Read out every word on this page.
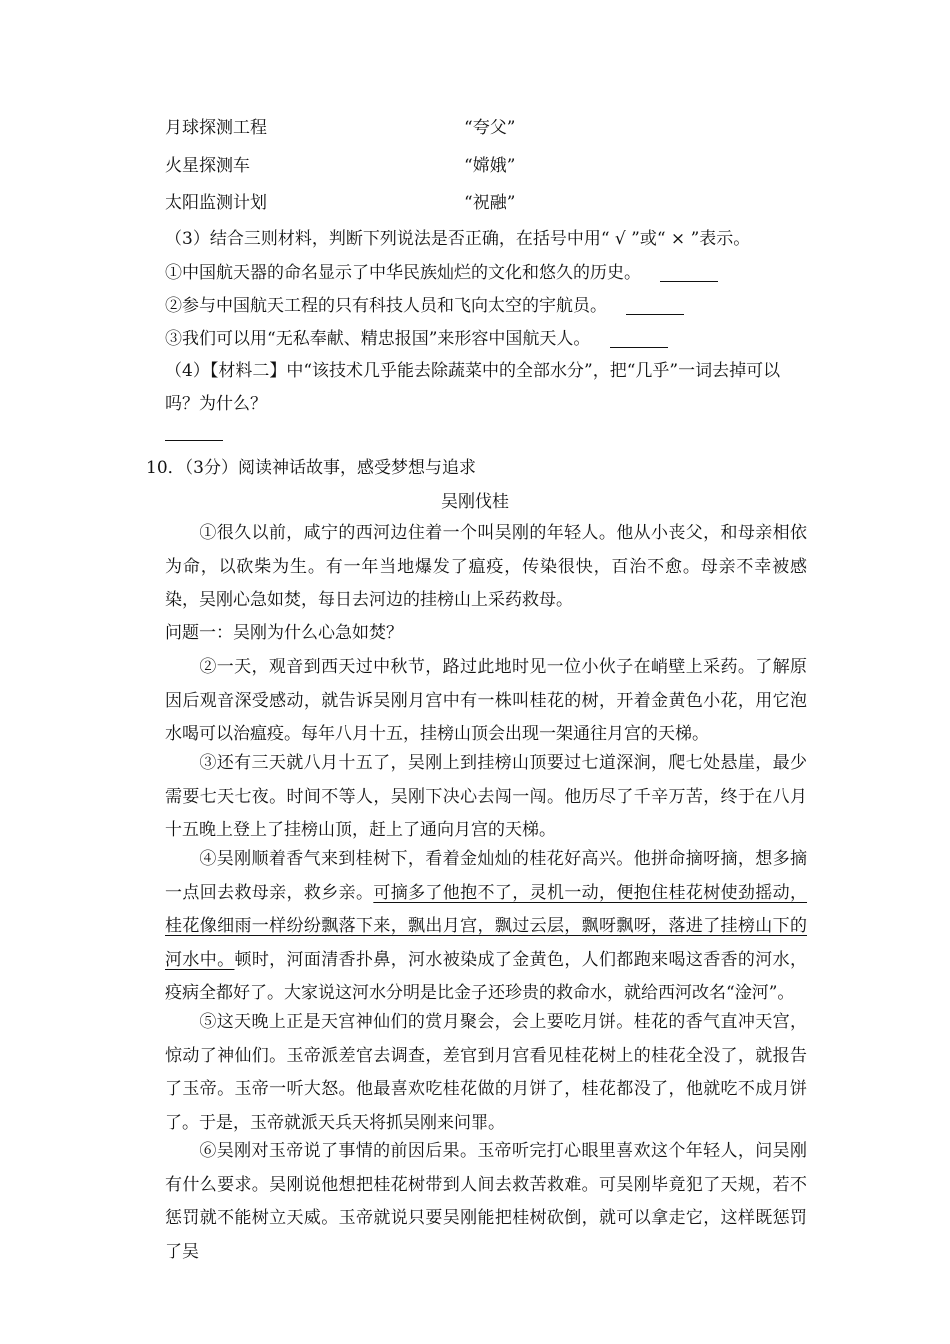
月球探测工程	“夸父”
火星探测车	“嫦娥”
太阳监测计划	“祝融”
（3）结合三则材料，判断下列说法是否正确，在括号中用“ √ ”或“ × ”表示。
①中国航天器的命名显示了中华民族灿烂的文化和悠久的历史。
②参与中国航天工程的只有科技人员和飞向太空的宇航员。
③我们可以用“无私奉献、精忠报国”来形容中国航天人。
（4）【材料二】中“该技术几乎能去除蔬菜中的全部水分”，把“几乎”一词去掉可以
吗？为什么？
10．（3分）阅读神话故事，感受梦想与追求
吴刚伐桂
①很久以前，咸宁的西河边住着一个叫吴刚的年轻人。他从小丧父，和母亲相依为命，以砍柴为生。有一年当地爆发了瘟疫，传染很快，百治不愈。母亲不幸被感染，吴刚心急如焚，每日去河边的挂榜山上采药救母。
问题一：吴刚为什么心急如焚？
②一天，观音到西天过中秋节，路过此地时见一位小伙子在峭壁上采药。了解原因后观音深受感动，就告诉吴刚月宫中有一株叫桂花的树，开着金黄色小花，用它泡水喝可以治瘟疫。每年八月十五，挂榜山顶会出现一架通往月宫的天梯。
③还有三天就八月十五了，吴刚上到挂榜山顶要过七道深涧，爬七处悬崖，最少需要七天七夜。时间不等人，吴刚下决心去闯一闯。他历尽了千辛万苦，终于在八月十五晚上登上了挂榜山顶，赶上了通向月宫的天梯。
④吴刚顺着香气来到桂树下，看着金灿灿的桂花好高兴。他拼命摘呀摘，想多摘一点回去救母亲，救乡亲。可摘多了他抱不了，灵机一动，便抱住桂花树使劲摇动，桂花像细雨一样纷纷飘落下来，飘出月宫，飘过云层，飘呀飘呀，落进了挂榜山下的河水中。顿时，河面清香扑鼻，河水被染成了金黄色，人们都跑来喝这香香的河水，疫病全都好了。大家说这河水分明是比金子还珍贵的救命水，就给西河改名“淦河”。
⑤这天晚上正是天宫神仙们的赏月聚会，会上要吃月饼。桂花的香气直冲天宫，惊动了神仙们。玉帝派差官去调查，差官到月宫看见桂花树上的桂花全没了，就报告了玉帝。玉帝一听大怒。他最喜欢吃桂花做的月饼了，桂花都没了，他就吃不成月饼了。于是，玉帝就派天兵天将抓吴刚来问罪。
⑥吴刚对玉帝说了事情的前因后果。玉帝听完打心眼里喜欢这个年轻人，问吴刚有什么要求。吴刚说他想把桂花树带到人间去救苦救难。可吴刚毕竟犯了天规，若不惩罚就不能树立天威。玉帝就说只要吴刚能把桂树砍倒，就可以拿走它，这样既惩罚了吴
